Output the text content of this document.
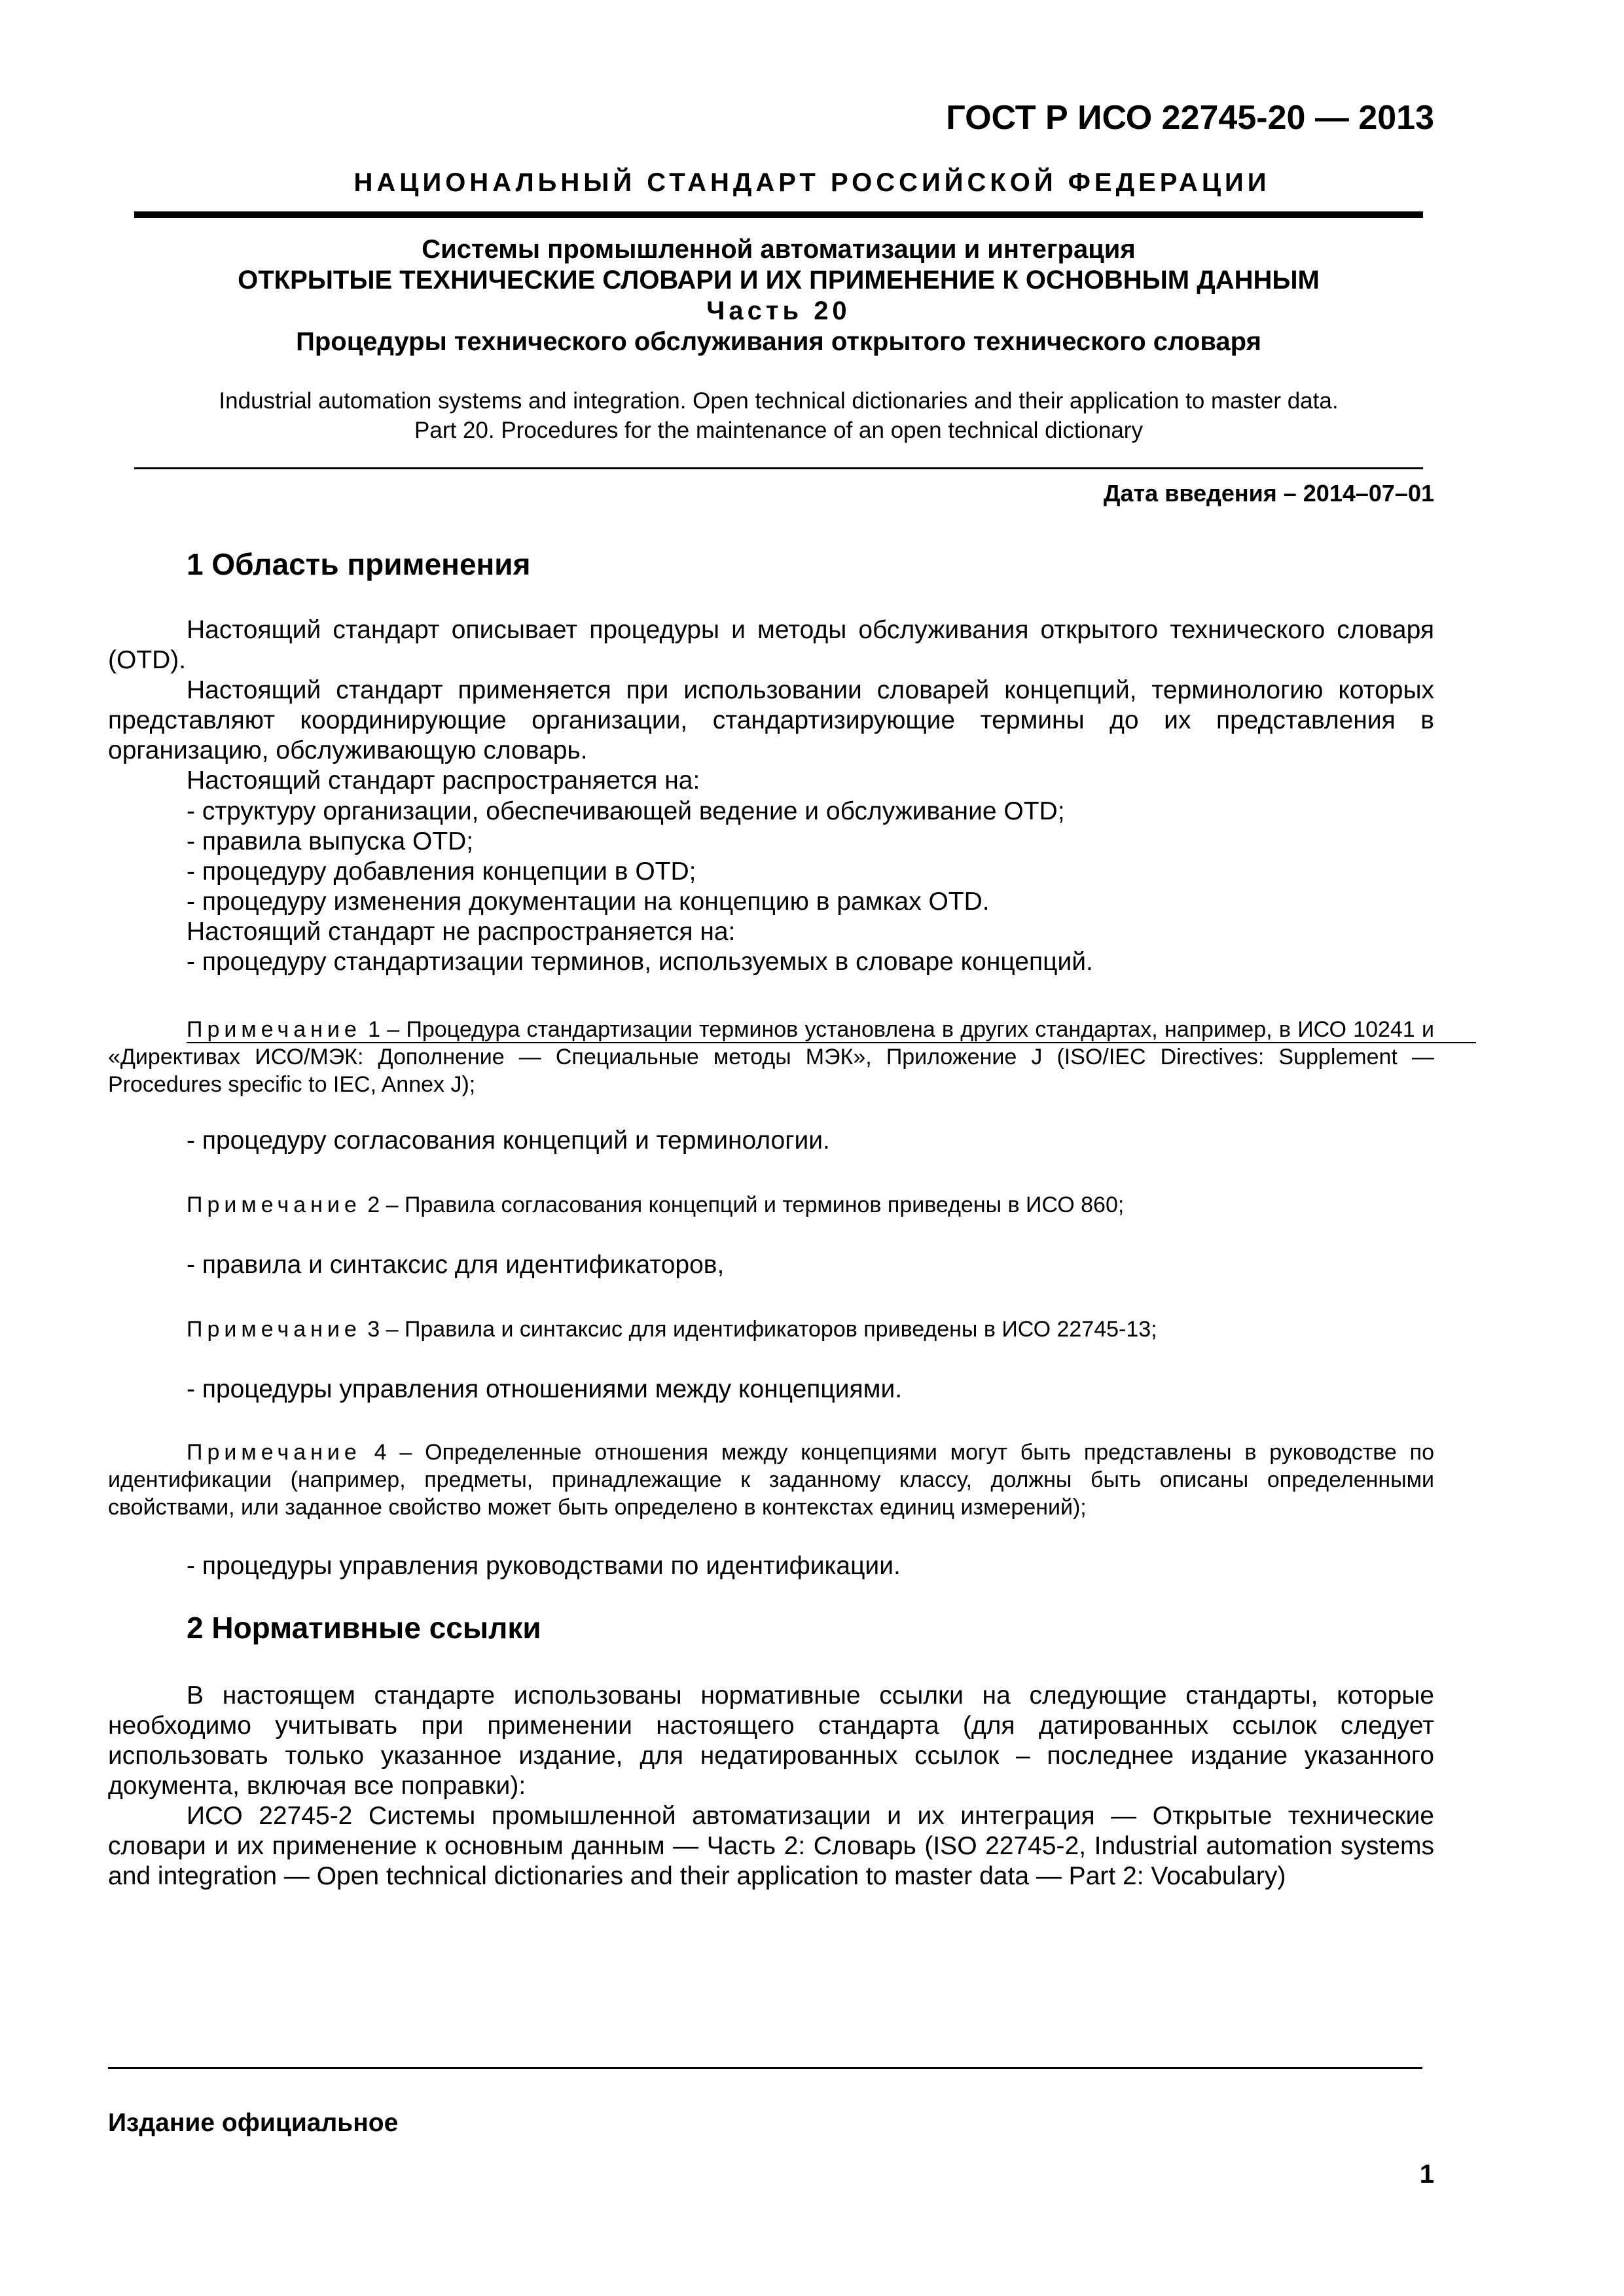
ГОСТ Р ИСО 22745-20 — 2013
НАЦИОНАЛЬНЫЙ СТАНДАРТ РОССИЙСКОЙ ФЕДЕРАЦИИ
Системы промышленной автоматизации и интеграция
ОТКРЫТЫЕ ТЕХНИЧЕСКИЕ СЛОВАРИ И ИХ ПРИМЕНЕНИЕ К ОСНОВНЫМ ДАННЫМ
Часть 20
Процедуры технического обслуживания открытого технического словаря
Industrial automation systems and integration. Open technical dictionaries and their application to master data.
Part 20. Procedures for the maintenance of an open technical dictionary
Дата введения – 2014–07–01
1 Область применения

Настоящий стандарт описывает процедуры и методы обслуживания открытого технического словаря (OTD).

Настоящий стандарт применяется при использовании словарей концепций, терминологию которых представляют координирующие организации, стандартизирующие термины до их представления в организацию, обслуживающую словарь.

Настоящий стандарт распространяется на:

- структуру организации, обеспечивающей ведение и обслуживание OTD;
- правила выпуска OTD;
- процедуру добавления концепции в OTD;
- процедуру изменения документации на концепцию в рамках OTD.
Настоящий стандарт не распространяется на:
- процедуру стандартизации терминов, используемых в словаре концепций.

Примечание 1 – Процедура стандартизации терминов установлена в других стандартах, например, в ИСО 10241 и «Директивах ИСО/МЭК: Дополнение — Специальные методы МЭК», Приложение J (ISO/IEC Directives: Supplement — Procedures specific to IEC, Annex J);

- процедуру согласования концепций и терминологии.

Примечание 2 – Правила согласования концепций и терминов приведены в ИСО 860;

- правила и синтаксис для идентификаторов,

Примечание 3 – Правила и синтаксис для идентификаторов приведены в ИСО 22745-13;

- процедуры управления отношениями между концепциями.

Примечание 4 – Определенные отношения между концепциями могут быть представлены в руководстве по идентификации (например, предметы, принадлежащие к заданному классу, должны быть описаны определенными свойствами, или заданное свойство может быть определено в контекстах единиц измерений);

- процедуры управления руководствами по идентификации.
2 Нормативные ссылки

В настоящем стандарте использованы нормативные ссылки на следующие стандарты, которые необходимо учитывать при применении настоящего стандарта (для датированных ссылок следует использовать только указанное издание, для недатированных ссылок – последнее издание указанного документа, включая все поправки):

ИСО 22745-2 Системы промышленной автоматизации и их интеграция — Открытые технические словари и их применение к основным данным — Часть 2: Словарь (ISO 22745-2, Industrial automation systems and integration — Open technical dictionaries and their application to master data — Part 2: Vocabulary)

Издание официальное
1
